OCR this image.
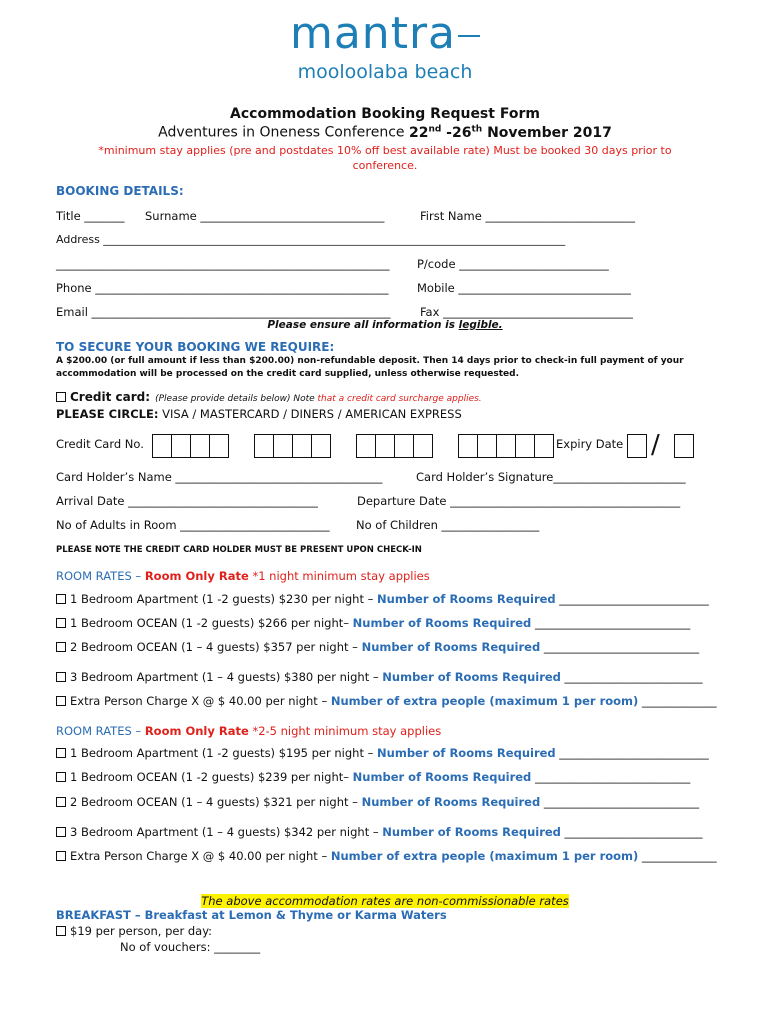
mantra
mooloolaba beach
Accommodation Booking Request Form
Adventures in Oneness Conference 22nd -26th November 2017
*minimum stay applies (pre and postdates 10% off best available rate) Must be booked 30 days prior to
conference.
BOOKING DETAILS:
Title _______ Surname ________________________________	First Name __________________________
Address ____________________________________________________________________________________
__________________________________________________________ P/code __________________________
Phone ___________________________________________________ Mobile ______________________________
Email ____________________________________________________	Fax _________________________________
Please ensure all information is legible.
TO SECURE YOUR BOOKING WE REQUIRE:
A $200.00 (or full amount if less than $200.00) non-refundable deposit. Then 14 days prior to check-in full payment of your
accommodation will be processed on the credit card supplied, unless otherwise requested.
Credit card: (Please provide details below) Note that a credit card surcharge applies.
PLEASE CIRCLE: VISA / MASTERCARD / DINERS / AMERICAN EXPRESS
Credit Card No.	Expiry Date /
Card Holder’s Name ____________________________________	Card Holder’s Signature_______________________
Arrival Date _________________________________	Departure Date ________________________________________
No of Adults in Room __________________________ No of Children _________________
PLEASE NOTE THE CREDIT CARD HOLDER MUST BE PRESENT UPON CHECK-IN
ROOM RATES – Room Only Rate *1 night minimum stay applies
1 Bedroom Apartment (1 -2 guests) $230 per night – Number of Rooms Required __________________________
1 Bedroom OCEAN (1 -2 guests) $266 per night– Number of Rooms Required ___________________________
2 Bedroom OCEAN (1 – 4 guests) $357 per night – Number of Rooms Required ___________________________
3 Bedroom Apartment (1 – 4 guests) $380 per night – Number of Rooms Required ________________________
Extra Person Charge X @ $ 40.00 per night – Number of extra people (maximum 1 per room) _____________
ROOM RATES – Room Only Rate *2-5 night minimum stay applies
1 Bedroom Apartment (1 -2 guests) $195 per night – Number of Rooms Required __________________________
1 Bedroom OCEAN (1 -2 guests) $239 per night– Number of Rooms Required ___________________________
2 Bedroom OCEAN (1 – 4 guests) $321 per night – Number of Rooms Required ___________________________
3 Bedroom Apartment (1 – 4 guests) $342 per night – Number of Rooms Required ________________________
Extra Person Charge X @ $ 40.00 per night – Number of extra people (maximum 1 per room) _____________
The above accommodation rates are non-commissionable rates
BREAKFAST – Breakfast at Lemon & Thyme or Karma Waters
$19 per person, per day:
No of vouchers: ________
